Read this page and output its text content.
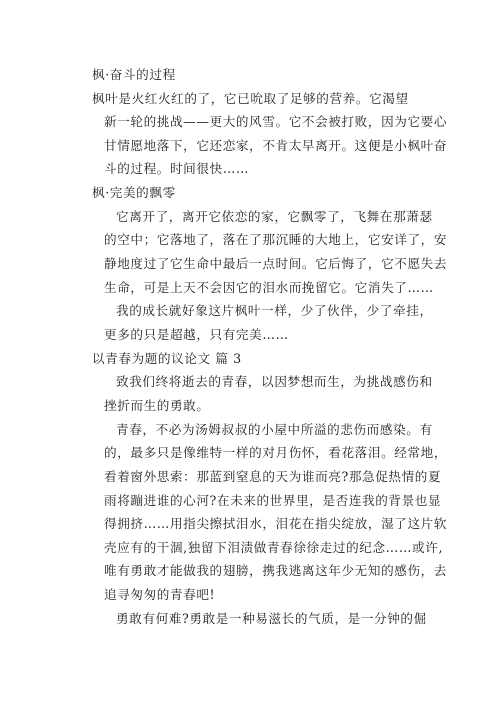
枫·奋斗的过程
枫叶是火红火红的了，它已吮取了足够的营养。它渴望
新一轮的挑战——更大的风雪。它不会被打败，因为它要心
甘情愿地落下，它还恋家，不肯太早离开。这便是小枫叶奋
斗的过程。时间很快……
枫·完美的飘零
它离开了，离开它依恋的家，它飘零了，飞舞在那萧瑟
的空中；它落地了，落在了那沉睡的大地上，它安详了，安
静地度过了它生命中最后一点时间。它后悔了，它不愿失去
生命，可是上天不会因它的泪水而挽留它。它消失了……
我的成长就好象这片枫叶一样，少了伙伴，少了牵挂，
更多的只是超越，只有完美……
以青春为题的议论文 篇 3
致我们终将逝去的青春，以因梦想而生，为挑战感伤和
挫折而生的勇敢。
青春，不必为汤姆叔叔的小屋中所溢的悲伤而感染。有
的，最多只是像维特一样的对月伤怀，看花落泪。经常地，
看着窗外思索：那蓝到窒息的天为谁而亮?那急促热情的夏
雨将蹦进谁的心河?在未来的世界里，是否连我的背景也显
得拥挤……用指尖擦拭泪水，泪花在指尖绽放，湿了这片软
壳应有的干涸,独留下泪渍做青春徐徐走过的纪念……或许,
唯有勇敢才能做我的翅膀，携我逃离这年少无知的感伤，去
追寻匆匆的青春吧!
勇敢有何难?勇敢是一种易滋长的气质，是一分钟的倔
